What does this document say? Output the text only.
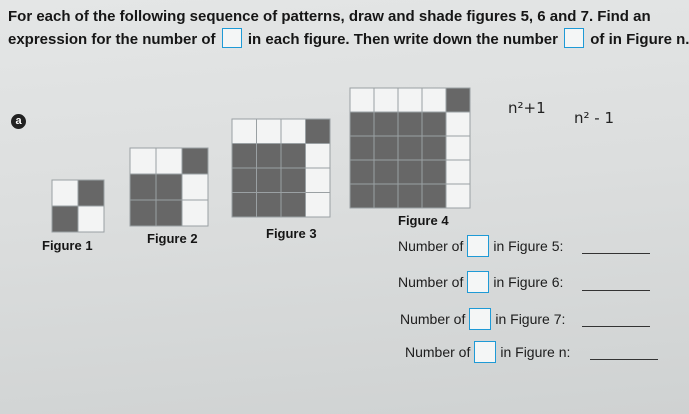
For each of the following sequence of patterns, draw and shade figures 5, 6 and 7. Find an
expression for the number of in each figure. Then write down the number of in Figure n.
a
Figure 1	Figure 2	Figure 3
Figure 4
n²+1
n² - 1
Number of in Figure 5:
Number of in Figure 6:
Number of in Figure 7:
Number of in Figure n:
